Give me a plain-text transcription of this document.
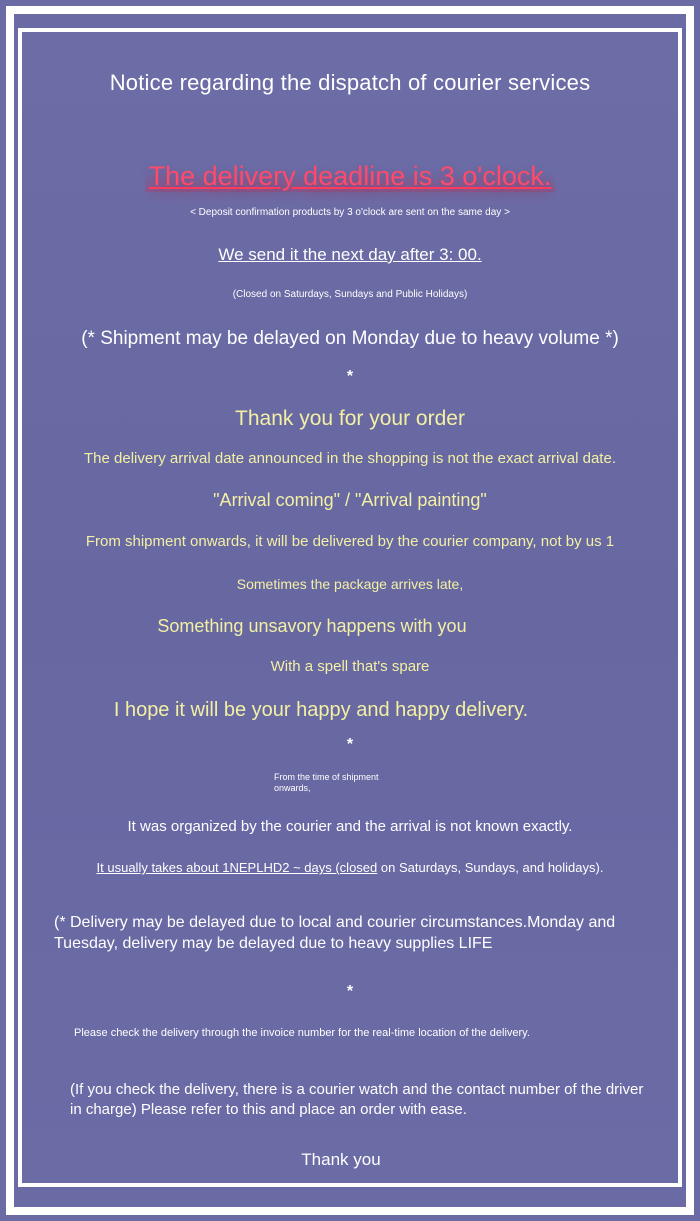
Notice regarding the dispatch of courier services

The delivery deadline is 3 o'clock.

< Deposit confirmation products by 3 o'clock are sent on the same day >

We send it the next day after 3: 00.

(Closed on Saturdays, Sundays and Public Holidays)

(* Shipment may be delayed on Monday due to heavy volume *)

*

Thank you for your order

The delivery arrival date announced in the shopping is not the exact arrival date.

"Arrival coming" / "Arrival painting"

From shipment onwards, it will be delivered by the courier company, not by us 1

Sometimes the package arrives late,

Something unsavory happens with you

With a spell that's spare

I hope it will be your happy and happy delivery.

*

From the time of shipment onwards,

It was organized by the courier and the arrival is not known exactly.

It usually takes about 1NEPLHD2 ~ days (closed on Saturdays, Sundays, and holidays).

(* Delivery may be delayed due to local and courier circumstances.Monday and Tuesday, delivery may be delayed due to heavy supplies LIFE

*

Please check the delivery through the invoice number for the real-time location of the delivery.

(If you check the delivery, there is a courier watch and the contact number of the driver in charge) Please refer to this and place an order with ease.

Thank you
